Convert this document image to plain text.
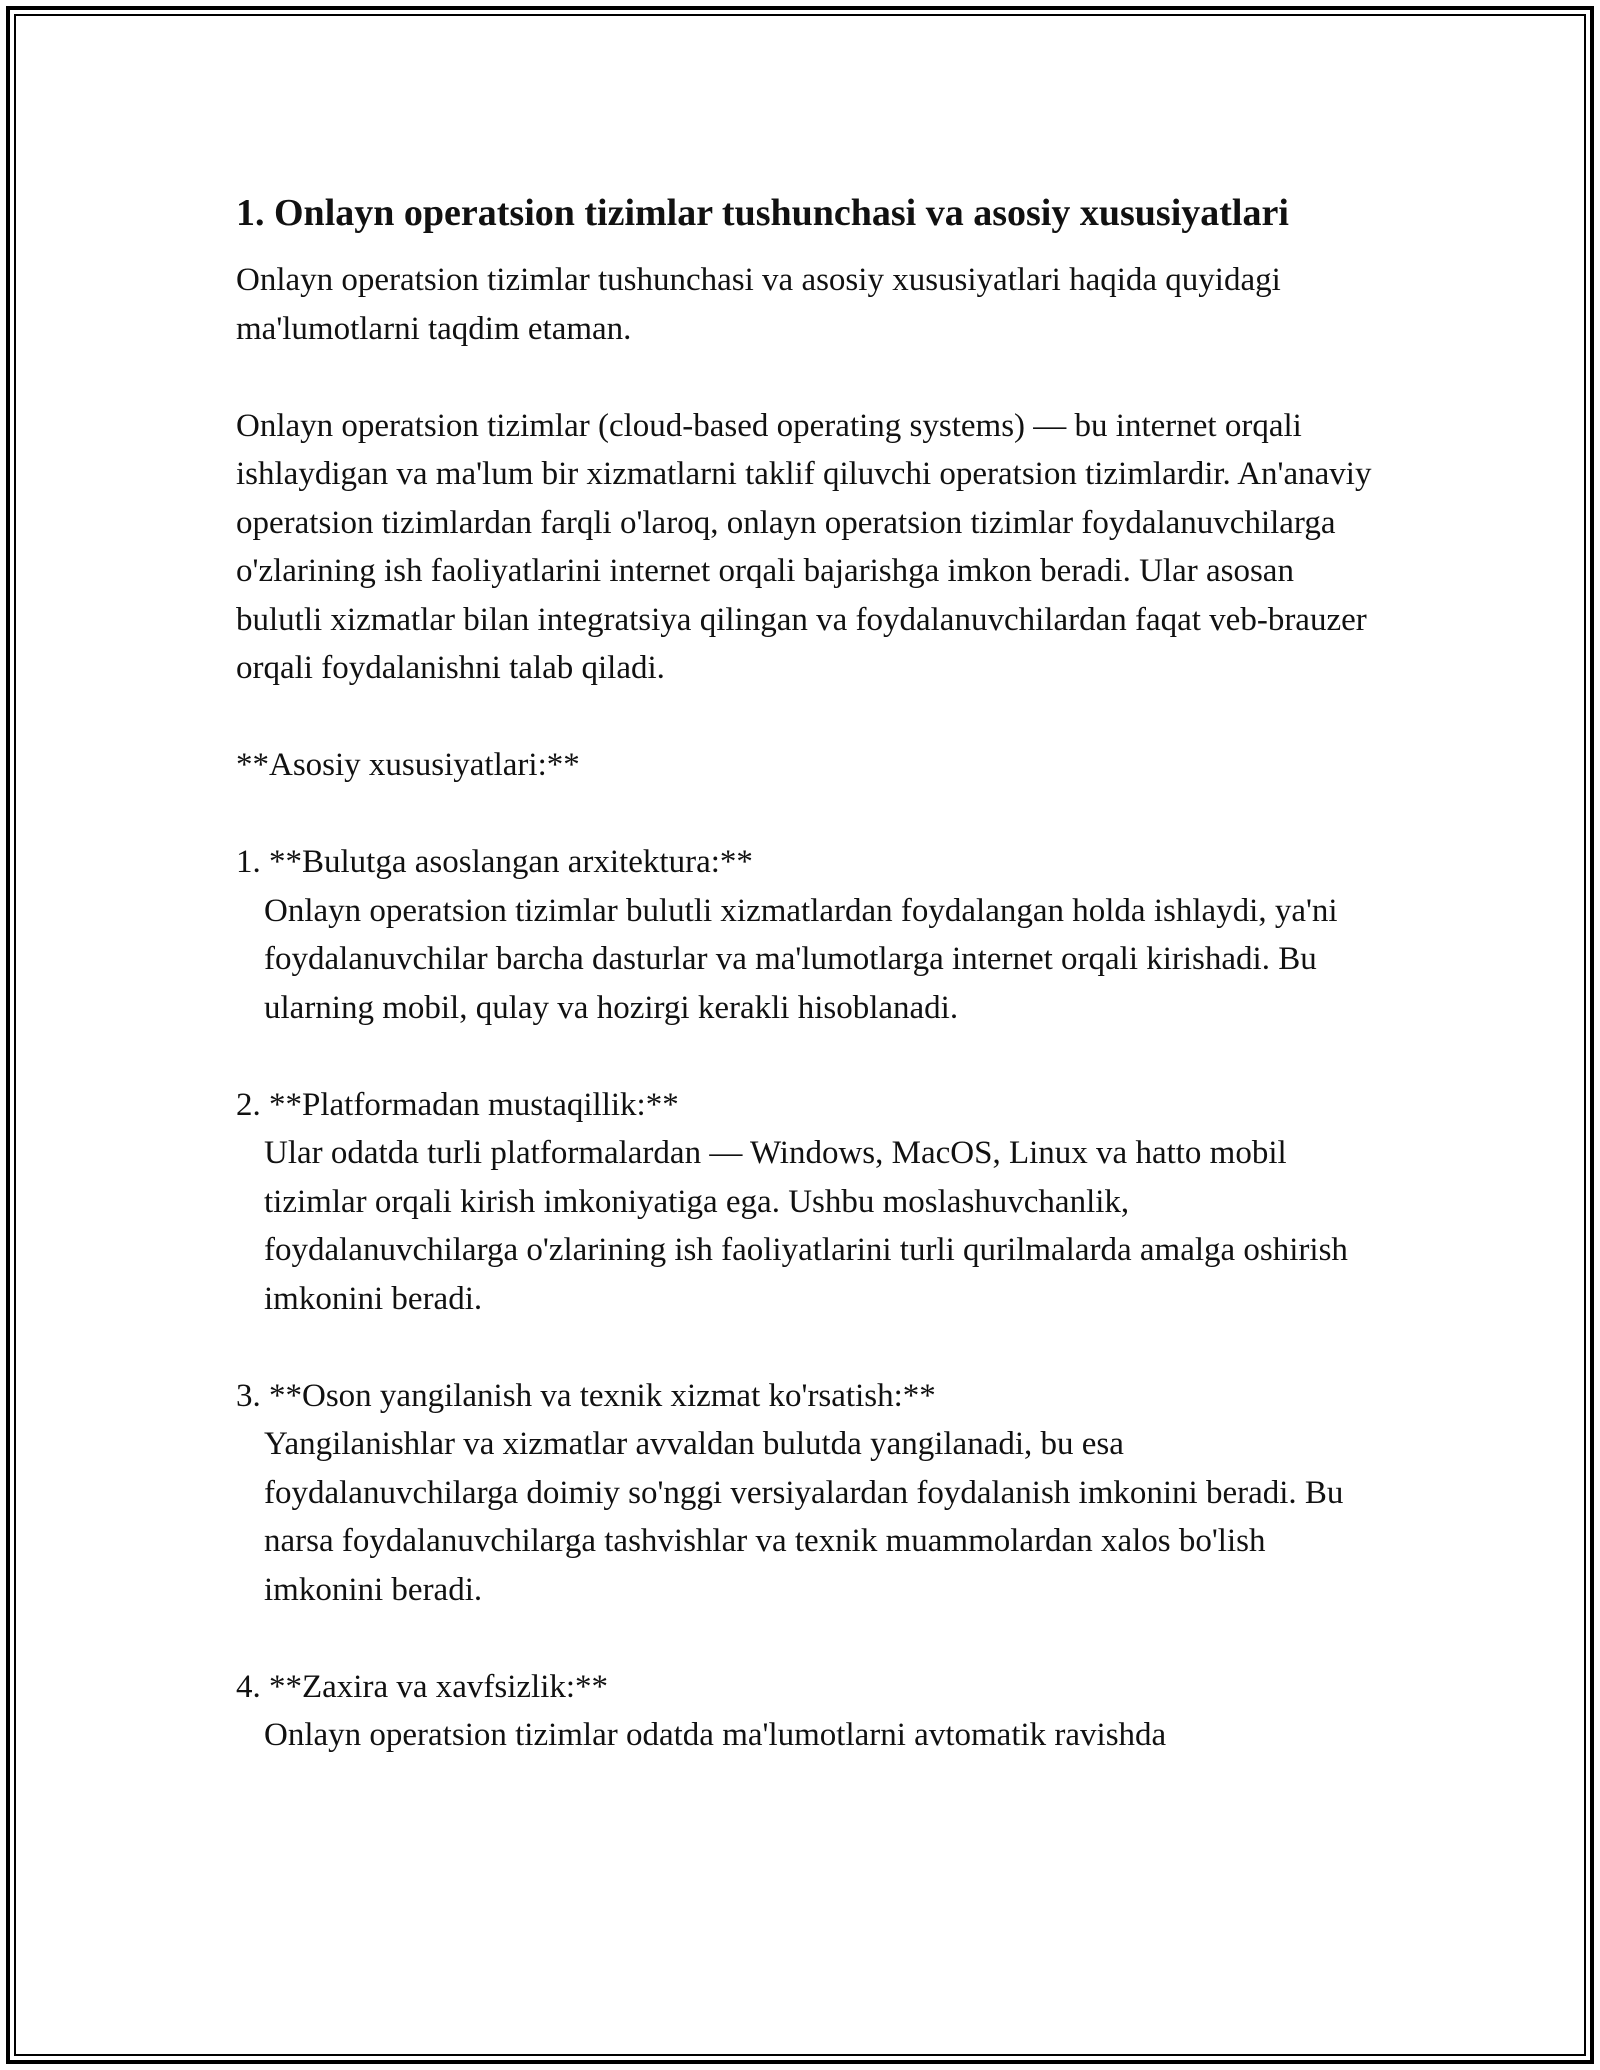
1. Onlayn operatsion tizimlar tushunchasi va asosiy xususiyatlari

Onlayn operatsion tizimlar tushunchasi va asosiy xususiyatlari haqida quyidagi ma'lumotlarni taqdim etaman.

Onlayn operatsion tizimlar (cloud-based operating systems) — bu internet orqali ishlaydigan va ma'lum bir xizmatlarni taklif qiluvchi operatsion tizimlardir. An'anaviy operatsion tizimlardan farqli o'laroq, onlayn operatsion tizimlar foydalanuvchilarga o'zlarining ish faoliyatlarini internet orqali bajarishga imkon beradi. Ular asosan bulutli xizmatlar bilan integratsiya qilingan va foydalanuvchilardan faqat veb-brauzer orqali foydalanishni talab qiladi.

**Asosiy xususiyatlari:**

1. **Bulutga asoslangan arxitektura:**

Onlayn operatsion tizimlar bulutli xizmatlardan foydalangan holda ishlaydi, ya'ni foydalanuvchilar barcha dasturlar va ma'lumotlarga internet orqali kirishadi. Bu ularning mobil, qulay va hozirgi kerakli hisoblanadi.

2. **Platformadan mustaqillik:**

Ular odatda turli platformalardan — Windows, MacOS, Linux va hatto mobil tizimlar orqali kirish imkoniyatiga ega. Ushbu moslashuvchanlik, foydalanuvchilarga o'zlarining ish faoliyatlarini turli qurilmalarda amalga oshirish imkonini beradi.

3. **Oson yangilanish va texnik xizmat ko'rsatish:**

Yangilanishlar va xizmatlar avvaldan bulutda yangilanadi, bu esa foydalanuvchilarga doimiy so'nggi versiyalardan foydalanish imkonini beradi. Bu narsa foydalanuvchilarga tashvishlar va texnik muammolardan xalos bo'lish imkonini beradi.

4. **Zaxira va xavfsizlik:**

Onlayn operatsion tizimlar odatda ma'lumotlarni avtomatik ravishda
